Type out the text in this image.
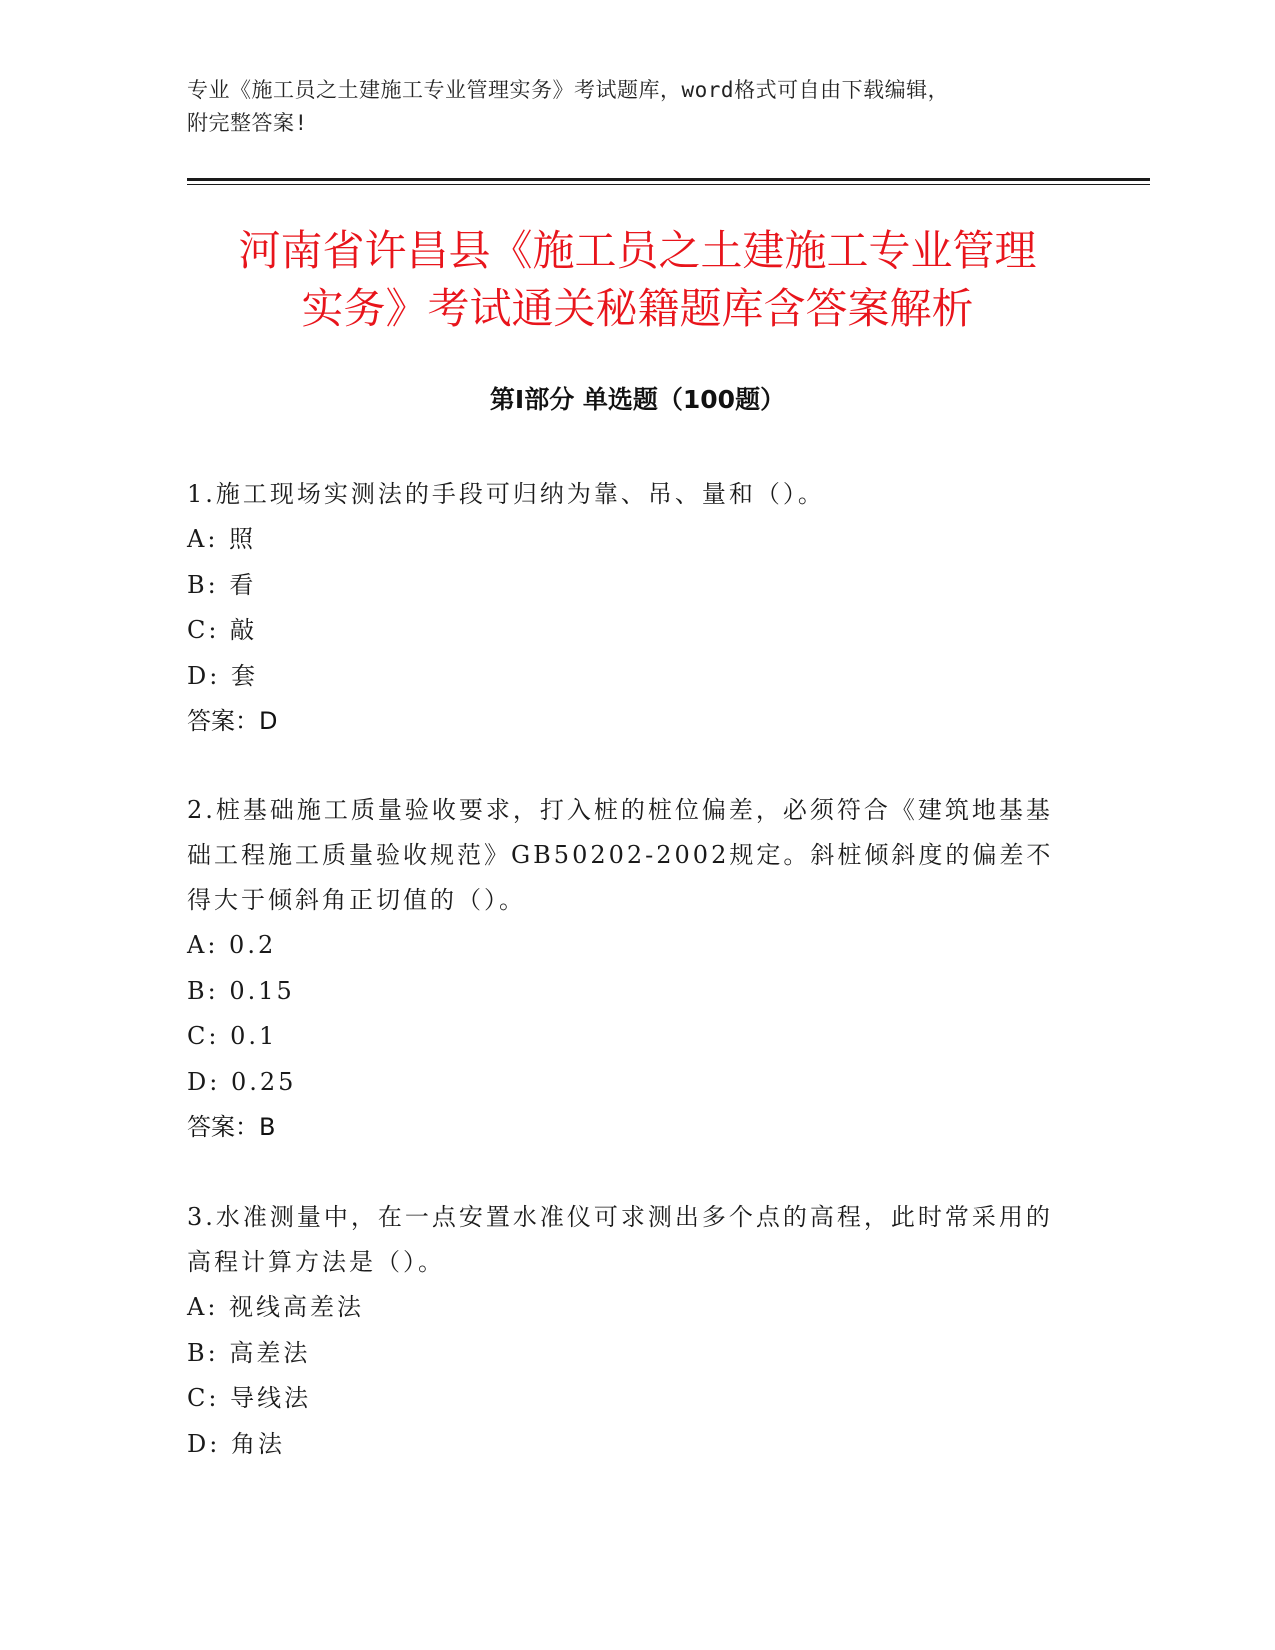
专业《施工员之土建施工专业管理实务》考试题库，word格式可自由下载编辑，
附完整答案!
河南省许昌县《施工员之土建施工专业管理
实务》考试通关秘籍题库含答案解析
第Ⅰ部分 单选题（100题）

1.施工现场实测法的手段可归纳为靠、吊、量和（）。

A: 照

B: 看

C: 敲

D: 套

答案：D

2.桩基础施工质量验收要求，打入桩的桩位偏差，必须符合《建筑地基基础工程施工质量验收规范》GB50202-2002规定。斜桩倾斜度的偏差不得大于倾斜角正切值的（）。

A: 0.2

B: 0.15

C: 0.1

D: 0.25

答案：B

3.水准测量中，在一点安置水准仪可求测出多个点的高程，此时常采用的高程计算方法是（）。

A: 视线高差法

B: 高差法

C: 导线法

D: 角法
